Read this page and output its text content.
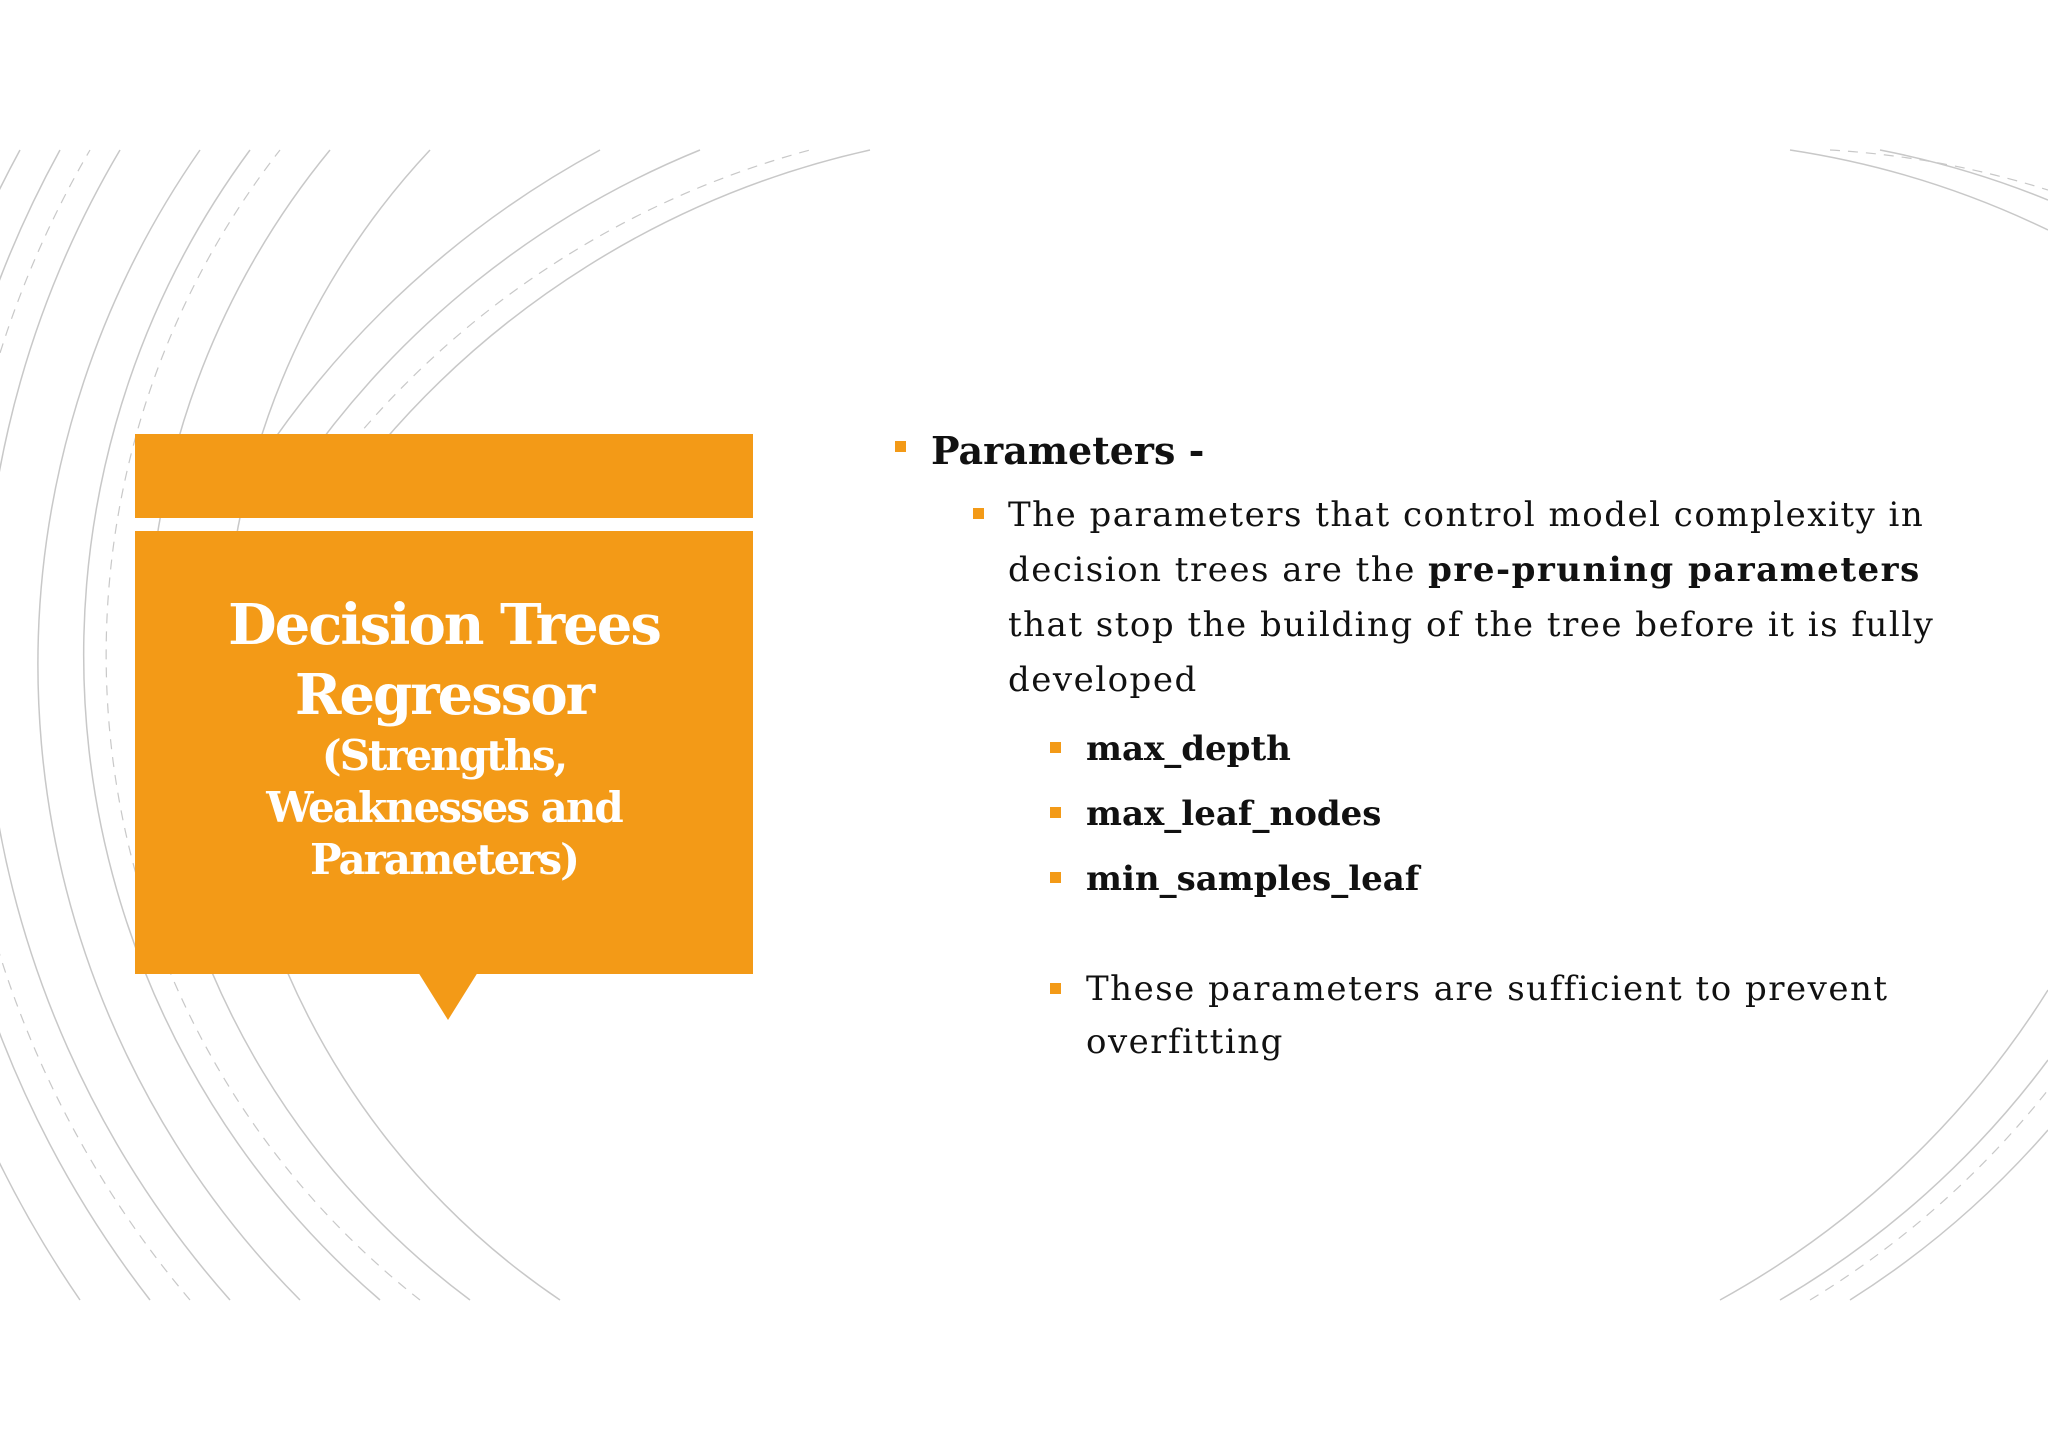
Decision Trees

Regressor

(Strengths, Weaknesses and Parameters)

Parameters -
The parameters that control model complexity in decision trees are the pre-pruning parameters that stop the building of the tree before it is fully developed
max_depth
max_leaf_nodes
min_samples_leaf
These parameters are sufficient to prevent overfitting
